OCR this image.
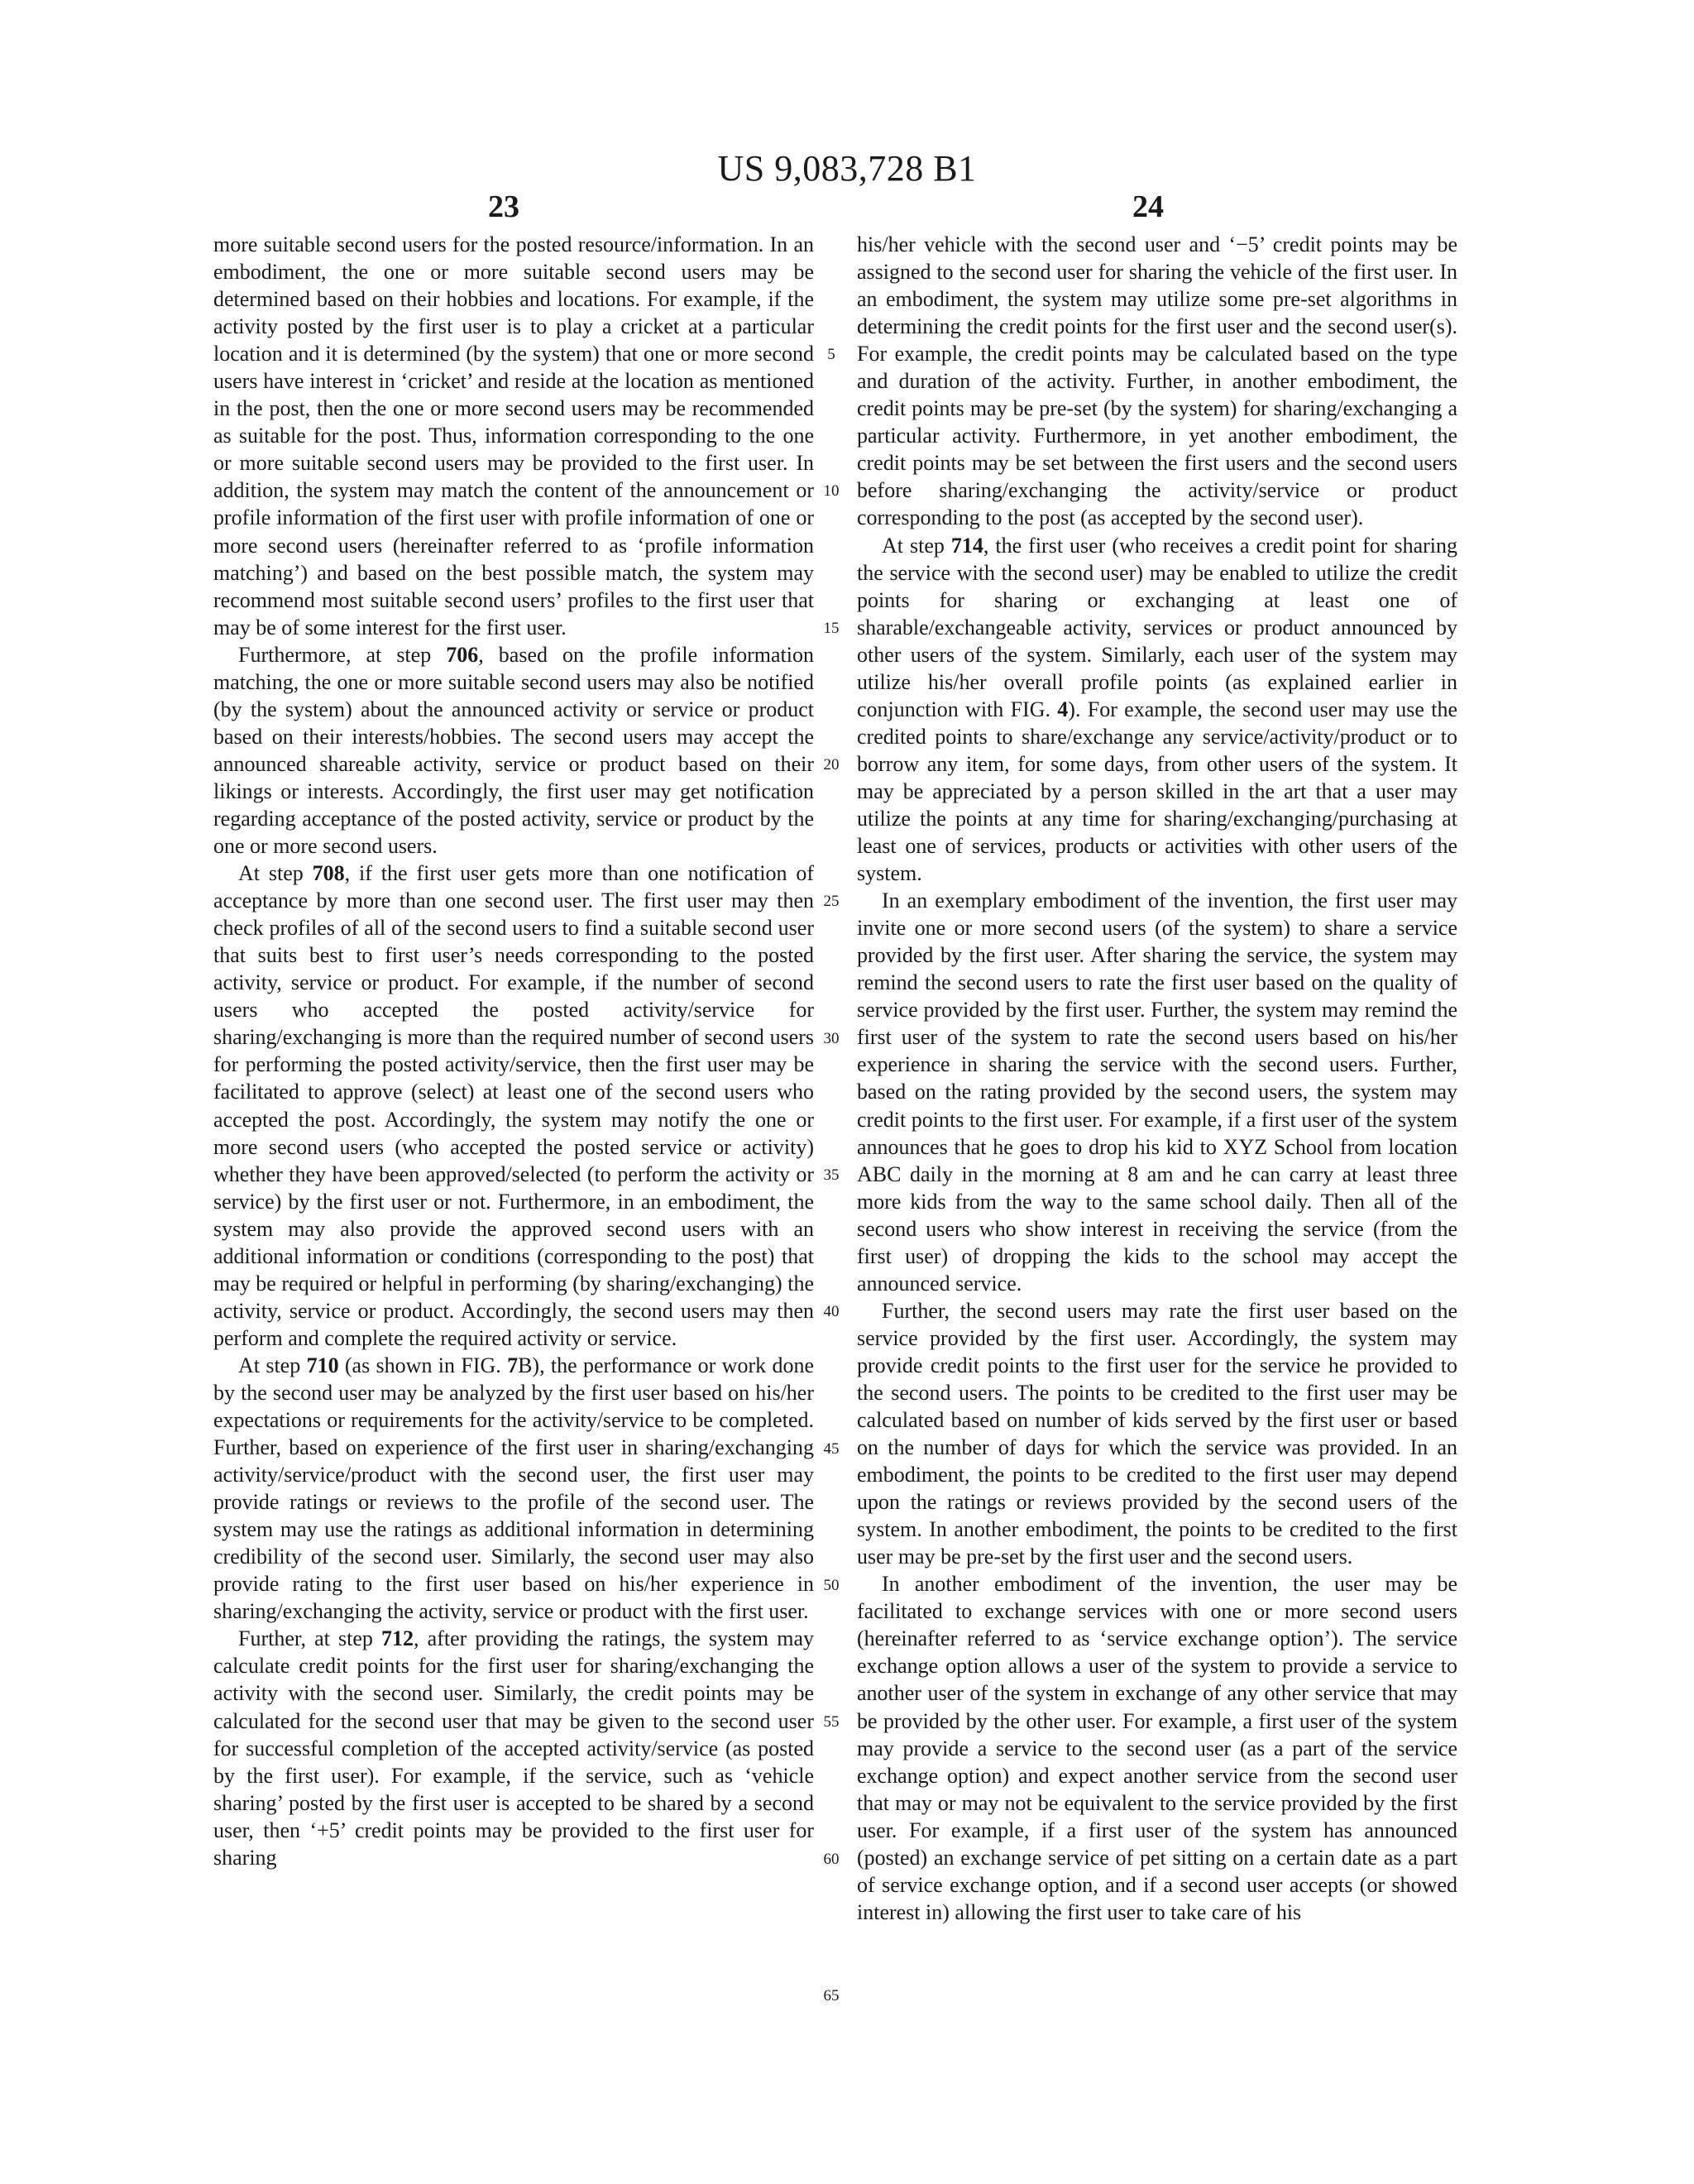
US 9,083,728 B1
23	24

more suitable second users for the posted resource/information. In an embodiment, the one or more suitable second users may be determined based on their hobbies and locations. For example, if the activity posted by the first user is to play a cricket at a particular location and it is determined (by the system) that one or more second users have interest in ‘cricket’ and reside at the location as mentioned in the post, then the one or more second users may be recommended as suitable for the post. Thus, information corresponding to the one or more suitable second users may be provided to the first user. In addition, the system may match the content of the announcement or profile information of the first user with profile information of one or more second users (hereinafter referred to as ‘profile information matching’) and based on the best possible match, the system may recommend most suitable second users’ profiles to the first user that may be of some interest for the first user.

Furthermore, at step 706, based on the profile information matching, the one or more suitable second users may also be notified (by the system) about the announced activity or service or product based on their interests/hobbies. The second users may accept the announced shareable activity, service or product based on their likings or interests. Accordingly, the first user may get notification regarding acceptance of the posted activity, service or product by the one or more second users.

At step 708, if the first user gets more than one notification of acceptance by more than one second user. The first user may then check profiles of all of the second users to find a suitable second user that suits best to first user’s needs corresponding to the posted activity, service or product. For example, if the number of second users who accepted the posted activity/service for sharing/exchanging is more than the required number of second users for performing the posted activity/service, then the first user may be facilitated to approve (select) at least one of the second users who accepted the post. Accordingly, the system may notify the one or more second users (who accepted the posted service or activity) whether they have been approved/selected (to perform the activity or service) by the first user or not. Furthermore, in an embodiment, the system may also provide the approved second users with an additional information or conditions (corresponding to the post) that may be required or helpful in performing (by sharing/exchanging) the activity, service or product. Accordingly, the second users may then perform and complete the required activity or service.

At step 710 (as shown in FIG. 7B), the performance or work done by the second user may be analyzed by the first user based on his/her expectations or requirements for the activity/service to be completed. Further, based on experience of the first user in sharing/exchanging activity/service/product with the second user, the first user may provide ratings or reviews to the profile of the second user. The system may use the ratings as additional information in determining credibility of the second user. Similarly, the second user may also provide rating to the first user based on his/her experience in sharing/exchanging the activity, service or product with the first user.

Further, at step 712, after providing the ratings, the system may calculate credit points for the first user for sharing/exchanging the activity with the second user. Similarly, the credit points may be calculated for the second user that may be given to the second user for successful completion of the accepted activity/service (as posted by the first user). For example, if the service, such as ‘vehicle sharing’ posted by the first user is accepted to be shared by a second user, then ‘+5’ credit points may be provided to the first user for sharing

5
10
15
20
25
30
35
40
45
50
55
60
65

his/her vehicle with the second user and ‘−5’ credit points may be assigned to the second user for sharing the vehicle of the first user. In an embodiment, the system may utilize some pre-set algorithms in determining the credit points for the first user and the second user(s). For example, the credit points may be calculated based on the type and duration of the activity. Further, in another embodiment, the credit points may be pre-set (by the system) for sharing/exchanging a particular activity. Furthermore, in yet another embodiment, the credit points may be set between the first users and the second users before sharing/exchanging the activity/service or product corresponding to the post (as accepted by the second user).

At step 714, the first user (who receives a credit point for sharing the service with the second user) may be enabled to utilize the credit points for sharing or exchanging at least one of sharable/exchangeable activity, services or product announced by other users of the system. Similarly, each user of the system may utilize his/her overall profile points (as explained earlier in conjunction with FIG. 4). For example, the second user may use the credited points to share/exchange any service/activity/product or to borrow any item, for some days, from other users of the system. It may be appreciated by a person skilled in the art that a user may utilize the points at any time for sharing/exchanging/purchasing at least one of services, products or activities with other users of the system.

In an exemplary embodiment of the invention, the first user may invite one or more second users (of the system) to share a service provided by the first user. After sharing the service, the system may remind the second users to rate the first user based on the quality of service provided by the first user. Further, the system may remind the first user of the system to rate the second users based on his/her experience in sharing the service with the second users. Further, based on the rating provided by the second users, the system may credit points to the first user. For example, if a first user of the system announces that he goes to drop his kid to XYZ School from location ABC daily in the morning at 8 am and he can carry at least three more kids from the way to the same school daily. Then all of the second users who show interest in receiving the service (from the first user) of dropping the kids to the school may accept the announced service.

Further, the second users may rate the first user based on the service provided by the first user. Accordingly, the system may provide credit points to the first user for the service he provided to the second users. The points to be credited to the first user may be calculated based on number of kids served by the first user or based on the number of days for which the service was provided. In an embodiment, the points to be credited to the first user may depend upon the ratings or reviews provided by the second users of the system. In another embodiment, the points to be credited to the first user may be pre-set by the first user and the second users.

In another embodiment of the invention, the user may be facilitated to exchange services with one or more second users (hereinafter referred to as ‘service exchange option’). The service exchange option allows a user of the system to provide a service to another user of the system in exchange of any other service that may be provided by the other user. For example, a first user of the system may provide a service to the second user (as a part of the service exchange option) and expect another service from the second user that may or may not be equivalent to the service provided by the first user. For example, if a first user of the system has announced (posted) an exchange service of pet sitting on a certain date as a part of service exchange option, and if a second user accepts (or showed interest in) allowing the first user to take care of his
